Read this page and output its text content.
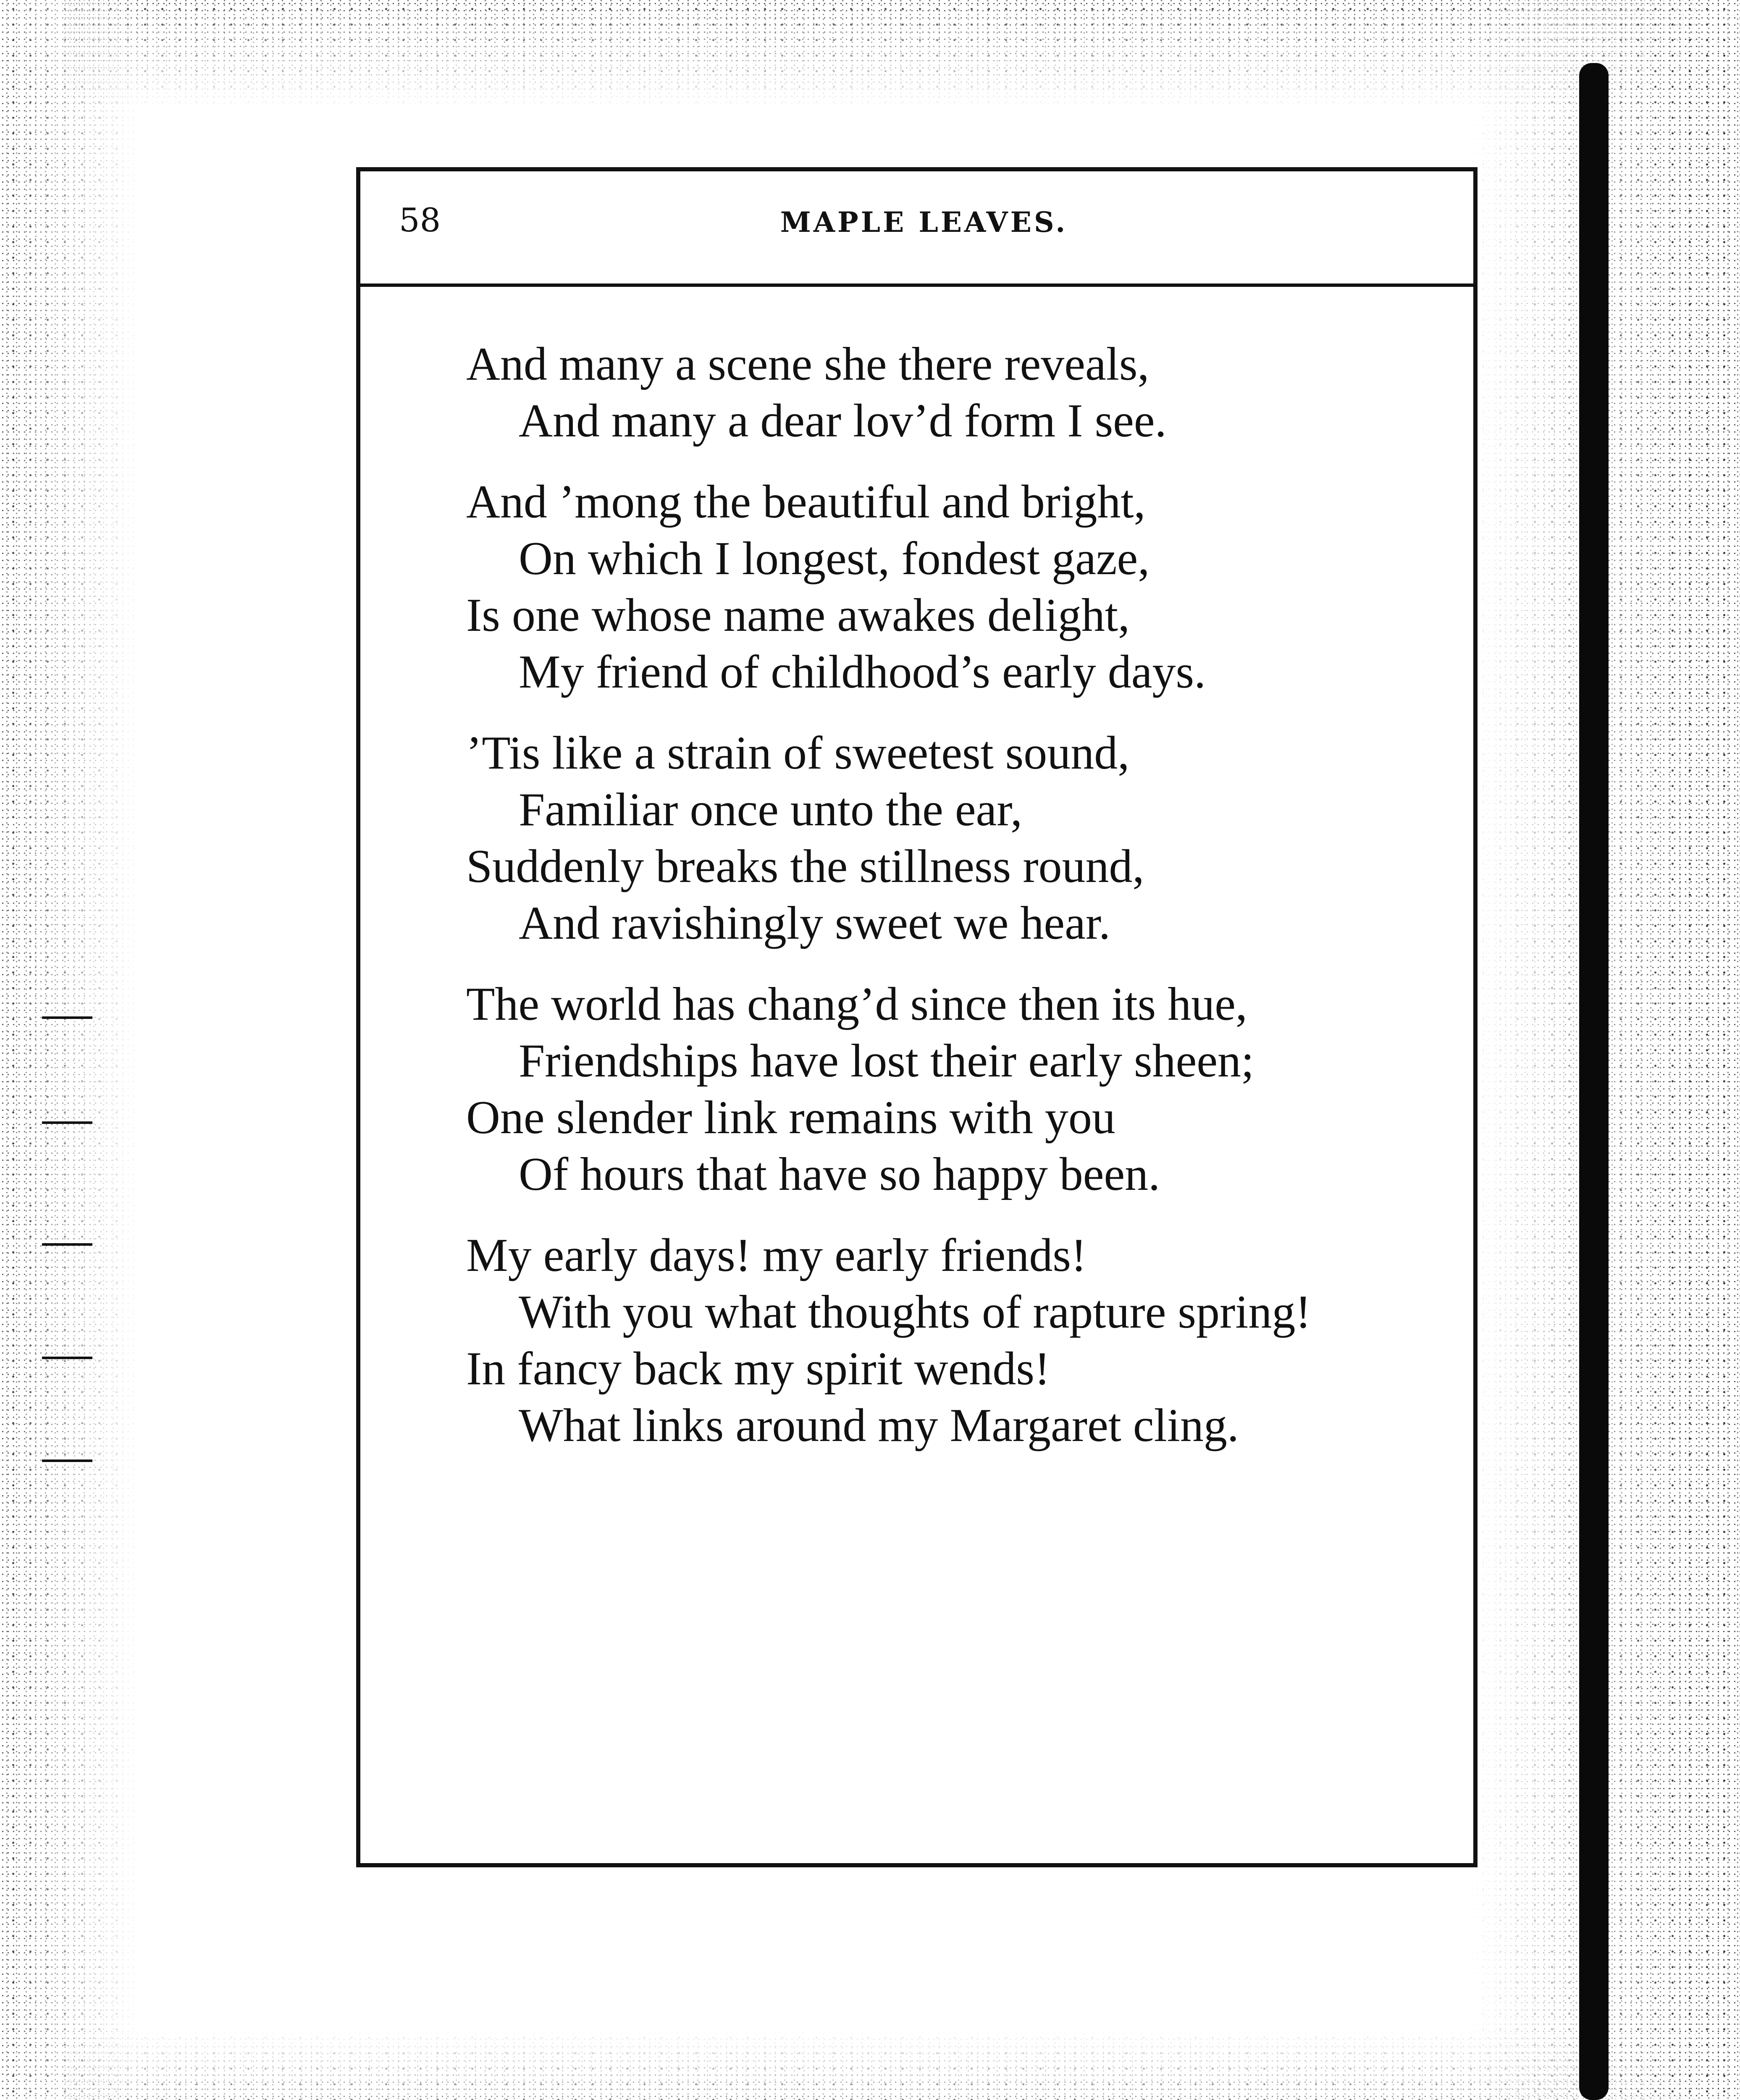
58	MAPLE LEAVES.
And many a scene she there reveals,
And many a dear lov’d form I see.
And ’mong the beautiful and bright,
On which I longest, fondest gaze,
Is one whose name awakes delight,
My friend of childhood’s early days.
’Tis like a strain of sweetest sound,
Familiar once unto the ear,
Suddenly breaks the stillness round,
And ravishingly sweet we hear.
The world has chang’d since then its hue,
Friendships have lost their early sheen;
One slender link remains with you
Of hours that have so happy been.
My early days! my early friends!
With you what thoughts of rapture spring!
In fancy back my spirit wends!
What links around my Margaret cling.
